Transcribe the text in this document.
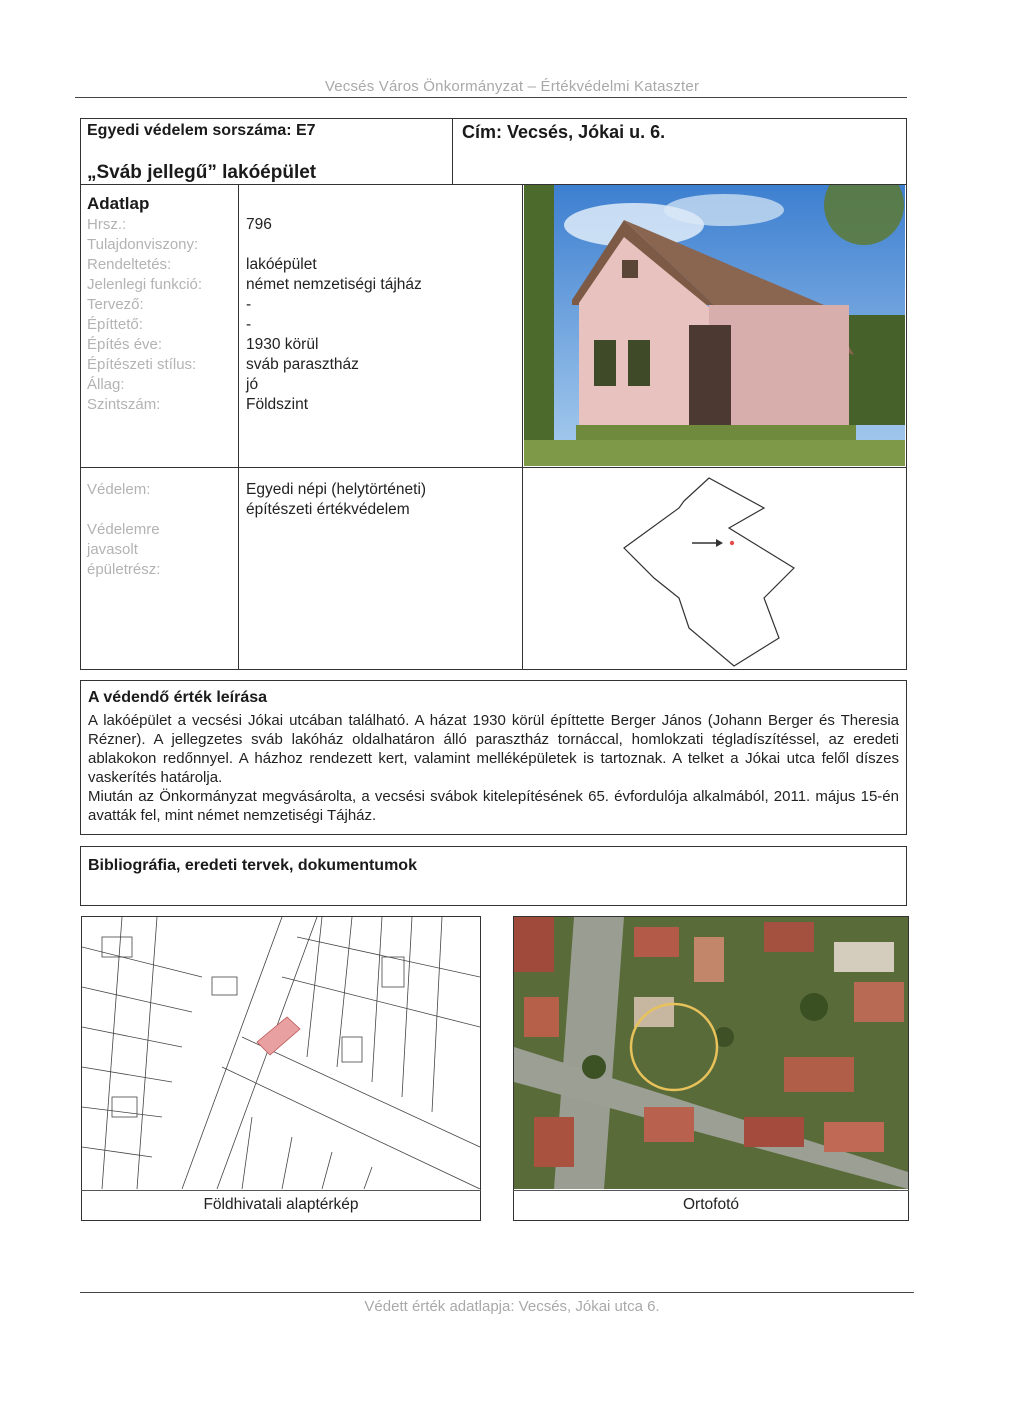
Vecsés Város Önkormányzat – Értékvédelmi Kataszter
Egyedi védelem sorszáma: E7	Cím: Vecsés, Jókai u. 6.
„Sváb jellegű” lakóépület
Adatlap
Hrsz.:
Tulajdonviszony:
Rendeltetés:
Jelenlegi funkció:
Tervező:
Építtető:
Építés éve:
Építészeti stílus:
Állag:
Szintszám:
796
lakóépület
német nemzetiségi tájház
-
-
1930 körül
sváb parasztház
jó
Földszint
Védelem:
Védelemre
javasolt
épületrész:
Egyedi népi (helytörténeti)
építészeti értékvédelem
A védendő érték leírása

A lakóépület a vecsési Jókai utcában található. A házat 1930 körül építtette Berger János (Johann Berger és Theresia Rézner). A jellegzetes sváb lakóház oldalhatáron álló parasztház tornáccal, homlokzati tégladíszítéssel, az eredeti ablakokon redőnnyel. A házhoz rendezett kert, valamint melléképületek is tartoznak. A telket a Jókai utca felől díszes vaskerítés határolja.

Miután az Önkormányzat megvásárolta, a vecsési svábok kitelepítésének 65. évfordulója alkalmából, 2011. május 15-én avatták fel, mint német nemzetiségi Tájház.

Bibliográfia, eredeti tervek, dokumentumok
Földhivatali alaptérkép	Ortofotó
Védett érték adatlapja: Vecsés, Jókai utca 6.
